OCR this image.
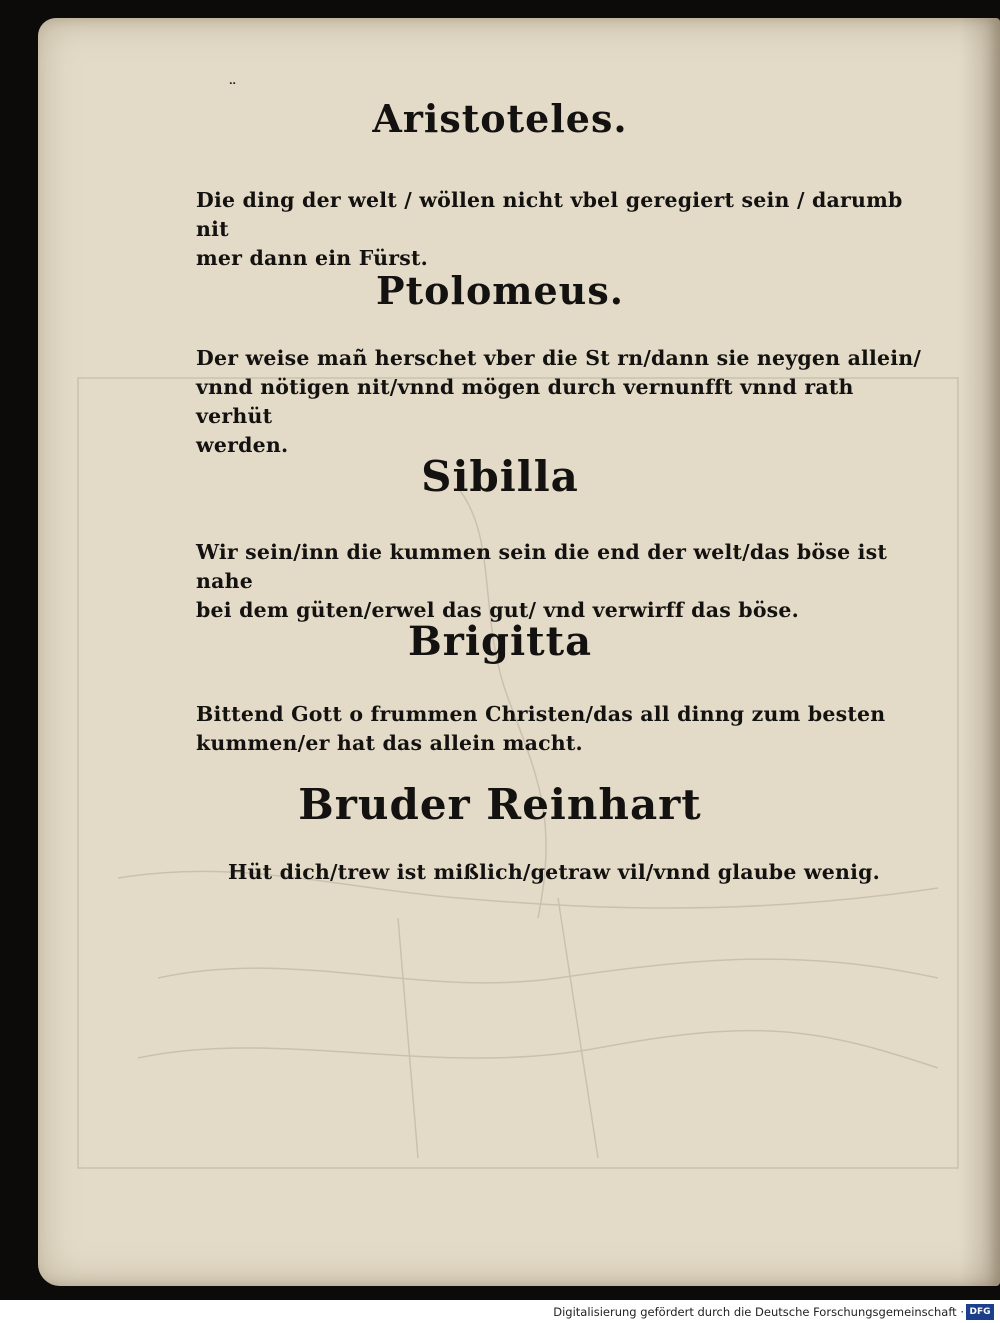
¨
Aristoteles.
Die ding der welt / wöllen nicht vbel geregiert sein / darumb nit
mer dann ein Fürst.
Ptolomeus.
Der weise mañ herschet vber die St rn/dann sie neygen allein/
vnnd nötigen nit/vnnd mögen durch vernunfft vnnd rath verhüt
werden.
Sibilla
Wir sein/inn die kummen sein die end der welt/das böse ist nahe
bei dem güten/erwel das gut/ vnd verwirff das böse.
Brigitta
Bittend Gott o frummen Christen/das all dinng zum besten
kummen/er hat das allein macht.
Bruder Reinhart
Hüt dich/trew ist mißlich/getraw vil/vnnd glaube wenig.
Digitalisierung gefördert durch die Deutsche Forschungsgemeinschaft · DFG
